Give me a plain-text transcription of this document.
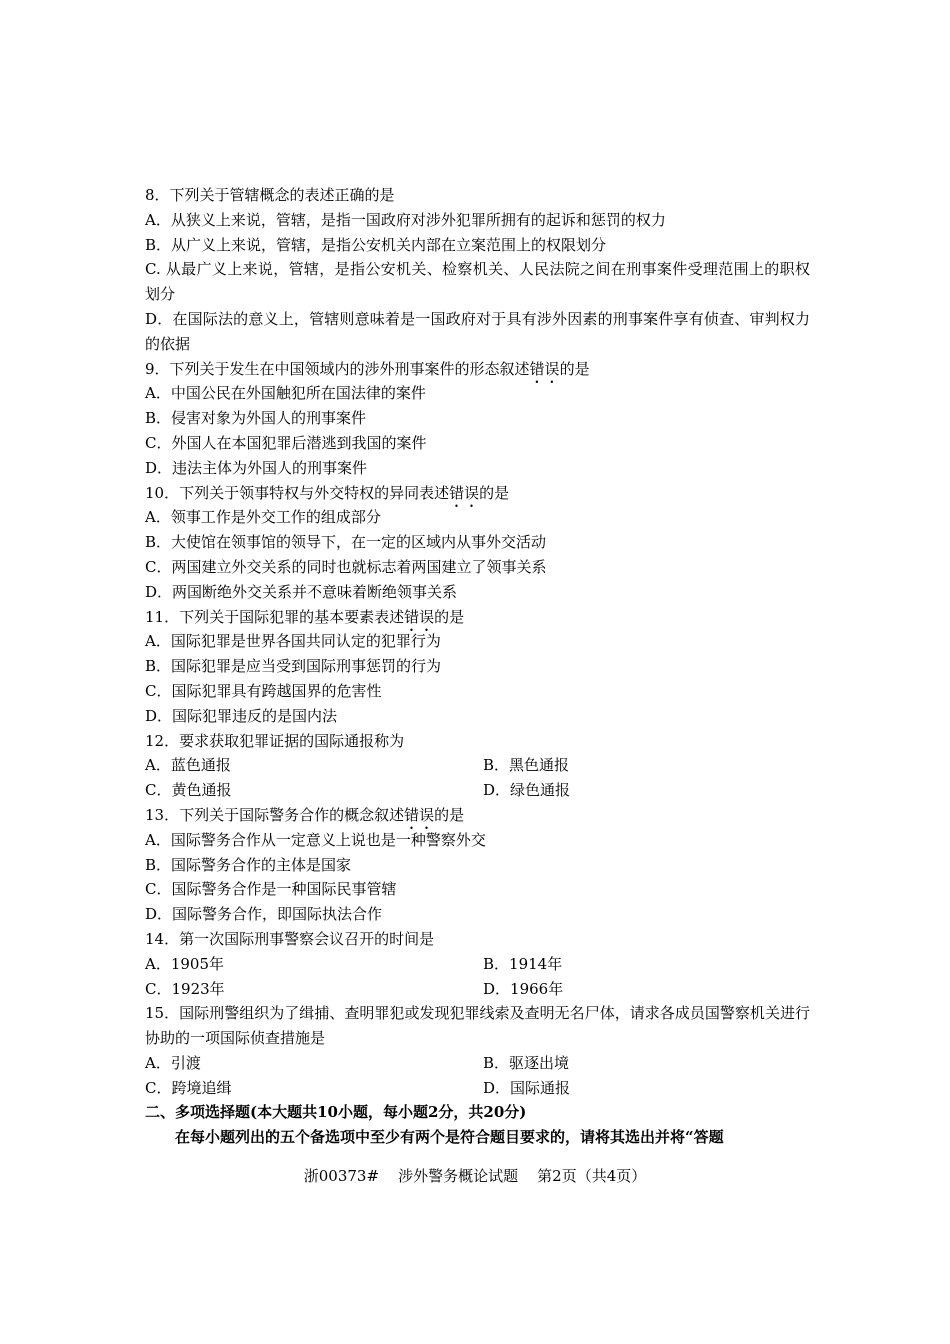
8．下列关于管辖概念的表述正确的是
A．从狭义上来说，管辖，是指一国政府对涉外犯罪所拥有的起诉和惩罚的权力
B．从广义上来说，管辖，是指公安机关内部在立案范围上的权限划分
C. 从最广义上来说，管辖，是指公安机关、检察机关、人民法院之间在刑事案件受理范围上的职权划分
D．在国际法的意义上，管辖则意味着是一国政府对于具有涉外因素的刑事案件享有侦查、审判权力的依据
9．下列关于发生在中国领域内的涉外刑事案件的形态叙述错误的是
A．中国公民在外国触犯所在国法律的案件
B．侵害对象为外国人的刑事案件
C．外国人在本国犯罪后潜逃到我国的案件
D．违法主体为外国人的刑事案件
10．下列关于领事特权与外交特权的异同表述错误的是
A．领事工作是外交工作的组成部分
B．大使馆在领事馆的领导下，在一定的区域内从事外交活动
C．两国建立外交关系的同时也就标志着两国建立了领事关系
D．两国断绝外交关系并不意味着断绝领事关系
11．下列关于国际犯罪的基本要素表述错误的是
A．国际犯罪是世界各国共同认定的犯罪行为
B．国际犯罪是应当受到国际刑事惩罚的行为
C．国际犯罪具有跨越国界的危害性
D．国际犯罪违反的是国内法
12．要求获取犯罪证据的国际通报称为
A．蓝色通报	B．黑色通报
C．黄色通报	D．绿色通报
13．下列关于国际警务合作的概念叙述错误的是
A．国际警务合作从一定意义上说也是一种警察外交
B．国际警务合作的主体是国家
C．国际警务合作是一种国际民事管辖
D．国际警务合作，即国际执法合作
14．第一次国际刑事警察会议召开的时间是
A．1905年	B．1914年
C．1923年	D．1966年
15．国际刑警组织为了缉捕、查明罪犯或发现犯罪线索及查明无名尸体，请求各成员国警察机关进行协助的一项国际侦查措施是
A．引渡	B．驱逐出境
C．跨境追缉	D．国际通报
二、多项选择题(本大题共10小题，每小题2分，共20分)
在每小题列出的五个备选项中至少有两个是符合题目要求的，请将其选出并将“答题
浙00373#    涉外警务概论试题    第2页（共4页）
